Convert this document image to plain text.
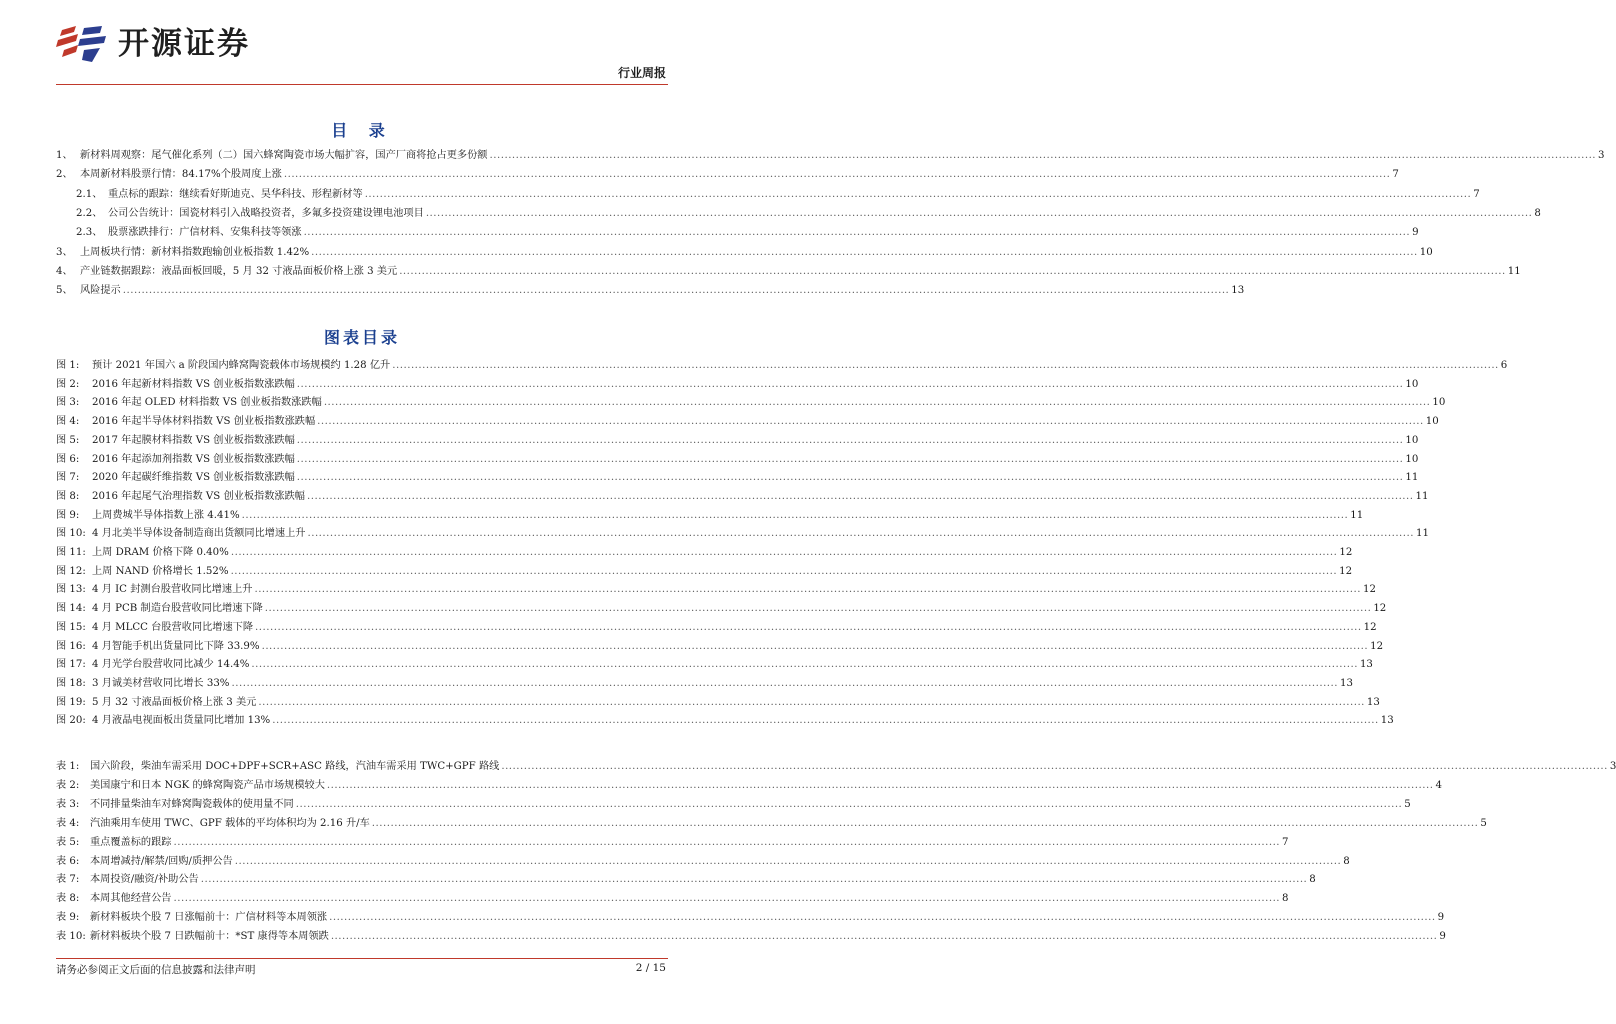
开源证券
行业周报
目 录
1、 新材料周观察：尾气催化系列（二）国六蜂窝陶瓷市场大幅扩容，国产厂商将抢占更多份额 .....	3
2、 本周新材料股票行情：84.17%个股周度上涨 .....	7
2.1、 重点标的跟踪：继续看好斯迪克、昊华科技、形程新材等 .....	7
2.2、 公司公告统计：国瓷材料引入战略投资者，多氟多投资建设锂电池项目 .....	8
2.3、 股票涨跌排行：广信材料、安集科技等领涨 .....	9
3、 上周板块行情：新材料指数跑输创业板指数 1.42% .....	10
4、 产业链数据跟踪：液晶面板回暖，5 月 32 寸液晶面板价格上涨 3 美元 .....	11
5、 风险提示 .....	13
图表目录
图 1:	预计 2021 年国六 a 阶段国内蜂窝陶瓷载体市场规模约 1.28 亿升 .....	6
图 2:	2016 年起新材料指数 VS 创业板指数涨跌幅 .....	10
图 3:	2016 年起 OLED 材料指数 VS 创业板指数涨跌幅 .....	10
图 4:	2016 年起半导体材料指数 VS 创业板指数涨跌幅 .....	10
图 5:	2017 年起膜材料指数 VS 创业板指数涨跌幅 .....	10
图 6:	2016 年起添加剂指数 VS 创业板指数涨跌幅 .....	10
图 7:	2020 年起碳纤维指数 VS 创业板指数涨跌幅 .....	11
图 8:	2016 年起尾气治理指数 VS 创业板指数涨跌幅 .....	11
图 9:	上周费城半导体指数上涨 4.41% .....	11
图 10: 4 月北美半导体设备制造商出货额同比增速上升 .....	11
图 11: 上周 DRAM 价格下降 0.40% .....	12
图 12: 上周 NAND 价格增长 1.52% .....	12
图 13: 4 月 IC 封测台股营收同比增速上升 .....	12
图 14: 4 月 PCB 制造台股营收同比增速下降 .....	12
图 15: 4 月 MLCC 台股营收同比增速下降 .....	12
图 16: 4 月智能手机出货量同比下降 33.9% .....	12
图 17: 4 月光学台股营收同比减少 14.4% .....	13
图 18: 3 月诚美材营收同比增长 33% .....	13
图 19: 5 月 32 寸液晶面板价格上涨 3 美元 .....	13
图 20: 4 月液晶电视面板出货量同比增加 13% .....	13
表 1:	国六阶段，柴油车需采用 DOC+DPF+SCR+ASC 路线，汽油车需采用 TWC+GPF 路线 .....	3
表 2:	美国康宁和日本 NGK 的蜂窝陶瓷产品市场规模较大 .....	4
表 3:	不同排量柴油车对蜂窝陶瓷载体的使用量不同 .....	5
表 4:	汽油乘用车使用 TWC、GPF 载体的平均体积均为 2.16 升/车 .....	5
表 5:	重点覆盖标的跟踪 .....	7
表 6:	本周增减持/解禁/回购/质押公告 .....	8
表 7:	本周投资/融资/补助公告 .....	8
表 8:	本周其他经营公告 .....	8
表 9:	新材料板块个股 7 日涨幅前十：广信材料等本周领涨 .....	9
表 10: 新材料板块个股 7 日跌幅前十：*ST 康得等本周领跌 .....	9
请务必参阅正文后面的信息披露和法律声明	2 / 15
